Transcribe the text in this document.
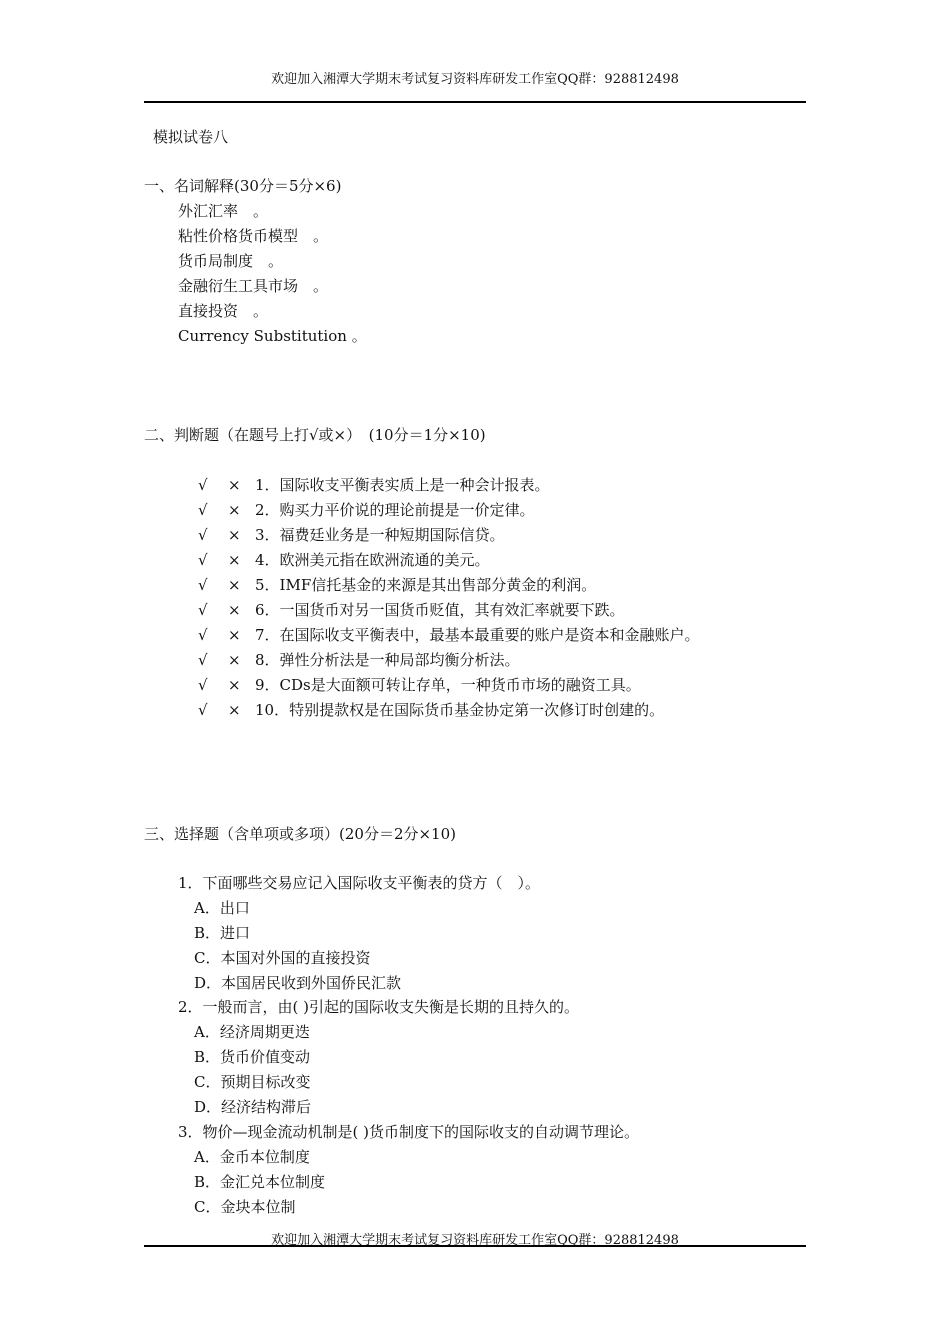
欢迎加入湘潭大学期末考试复习资料库研发工作室QQ群：928812498
模拟试卷八
一、名词解释(30分＝5分×6)
外汇汇率　。
粘性价格货币模型　。
货币局制度　。
金融衍生工具市场　。
直接投资　。
Currency Substitution 。
二、判断题（在题号上打√或×）　(10分＝1分×10)
√ × 1．国际收支平衡表实质上是一种会计报表。
√ × 2．购买力平价说的理论前提是一价定律。
√ × 3．福费廷业务是一种短期国际信贷。
√ × 4．欧洲美元指在欧洲流通的美元。
√ × 5．IMF信托基金的来源是其出售部分黄金的利润。
√ × 6．一国货币对另一国货币贬值，其有效汇率就要下跌。
√ × 7．在国际收支平衡表中，最基本最重要的账户是资本和金融账户。
√ × 8．弹性分析法是一种局部均衡分析法。
√ × 9．CDs是大面额可转让存单，一种货币市场的融资工具。
√ × 10．特别提款权是在国际货币基金协定第一次修订时创建的。
三、选择题（含单项或多项）(20分＝2分×10)
1．下面哪些交易应记入国际收支平衡表的贷方（　）。
A．出口
B．进口
C．本国对外国的直接投资
D．本国居民收到外国侨民汇款
2．一般而言，由( )引起的国际收支失衡是长期的且持久的。
A．经济周期更迭
B．货币价值变动
C．预期目标改变
D．经济结构滞后
3．物价—现金流动机制是( )货币制度下的国际收支的自动调节理论。
A．金币本位制度
B．金汇兑本位制度
C．金块本位制
欢迎加入湘潭大学期末考试复习资料库研发工作室QQ群：928812498
